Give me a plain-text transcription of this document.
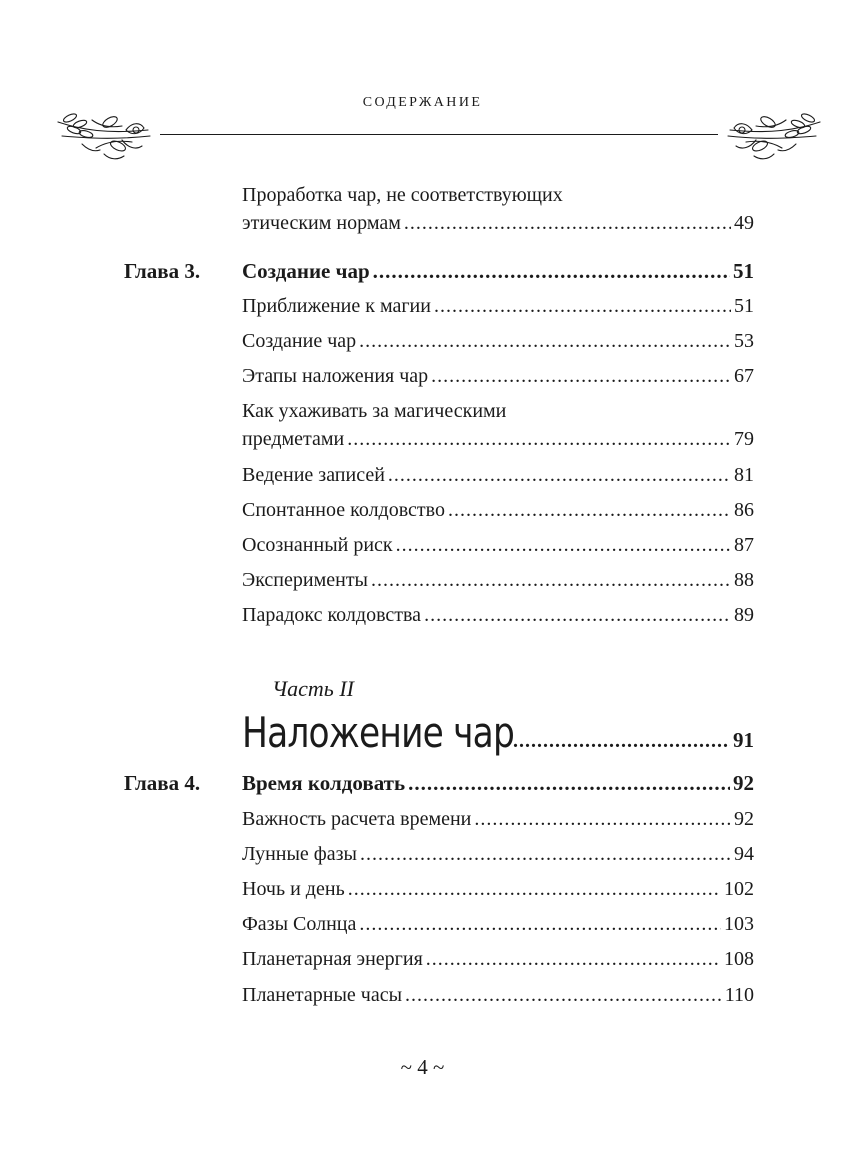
СОДЕРЖАНИЕ
Проработка чар, не соответствующих
этическим нормам .....	49
Глава 3. Создание чар .....	51
Приближение к магии .....	51
Создание чар .....	53
Этапы наложения чар .....	67
Как ухаживать за магическими
предметами .....	79
Ведение записей .....	81
Спонтанное колдовство .....	86
Осознанный риск .....	87
Эксперименты .....	88
Парадокс колдовства .....	89
Часть II
Наложение чар .....	91
Глава 4. Время колдовать .....	92
Важность расчета времени .....	92
Лунные фазы .....	94
Ночь и день .....	102
Фазы Солнца .....	103
Планетарная энергия .....	108
Планетарные часы .....	110
~ 4 ~
